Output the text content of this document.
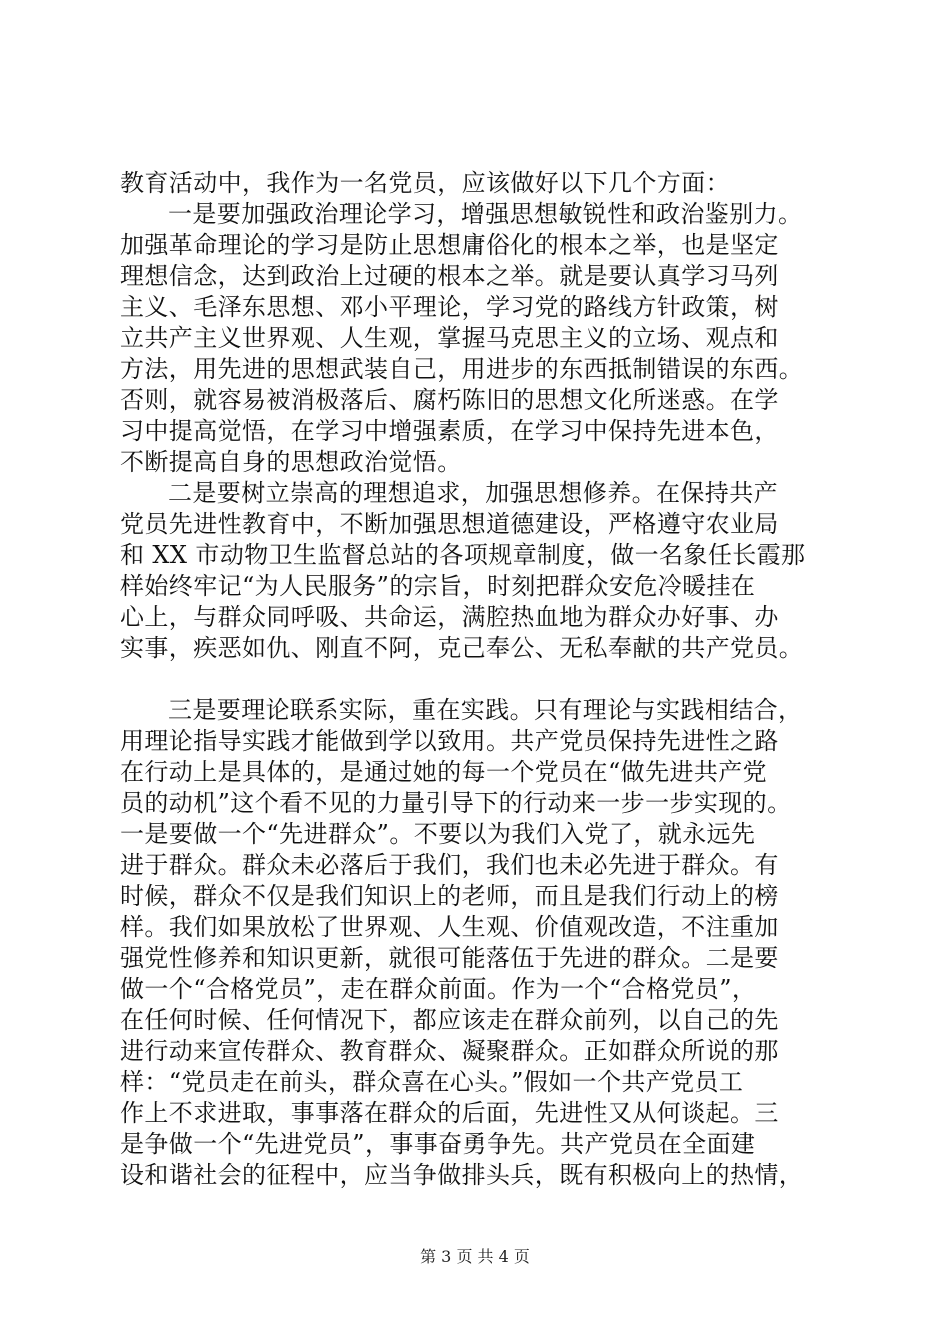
教育活动中，我作为一名党员，应该做好以下几个方面：
一是要加强政治理论学习，增强思想敏锐性和政治鉴别力。
加强革命理论的学习是防止思想庸俗化的根本之举，也是坚定
理想信念，达到政治上过硬的根本之举。就是要认真学习马列
主义、毛泽东思想、邓小平理论，学习党的路线方针政策，树
立共产主义世界观、人生观，掌握马克思主义的立场、观点和
方法，用先进的思想武装自己，用进步的东西抵制错误的东西。
否则，就容易被消极落后、腐朽陈旧的思想文化所迷惑。在学
习中提高觉悟，在学习中增强素质，在学习中保持先进本色，
不断提高自身的思想政治觉悟。
二是要树立崇高的理想追求，加强思想修养。在保持共产
党员先进性教育中，不断加强思想道德建设，严格遵守农业局
和 XX 市动物卫生监督总站的各项规章制度，做一名象任长霞那
样始终牢记“为人民服务”的宗旨，时刻把群众安危冷暖挂在
心上，与群众同呼吸、共命运，满腔热血地为群众办好事、办
实事，疾恶如仇、刚直不阿，克己奉公、无私奉献的共产党员。
三是要理论联系实际，重在实践。只有理论与实践相结合，
用理论指导实践才能做到学以致用。共产党员保持先进性之路
在行动上是具体的，是通过她的每一个党员在“做先进共产党
员的动机”这个看不见的力量引导下的行动来一步一步实现的。
一是要做一个“先进群众”。不要以为我们入党了，就永远先
进于群众。群众未必落后于我们，我们也未必先进于群众。有
时候，群众不仅是我们知识上的老师，而且是我们行动上的榜
样。我们如果放松了世界观、人生观、价值观改造，不注重加
强党性修养和知识更新，就很可能落伍于先进的群众。二是要
做一个“合格党员”，走在群众前面。作为一个“合格党员”，
在任何时候、任何情况下，都应该走在群众前列，以自己的先
进行动来宣传群众、教育群众、凝聚群众。正如群众所说的那
样：“党员走在前头，群众喜在心头。”假如一个共产党员工
作上不求进取，事事落在群众的后面，先进性又从何谈起。三
是争做一个“先进党员”，事事奋勇争先。共产党员在全面建
设和谐社会的征程中，应当争做排头兵，既有积极向上的热情，
第 3 页 共 4 页
